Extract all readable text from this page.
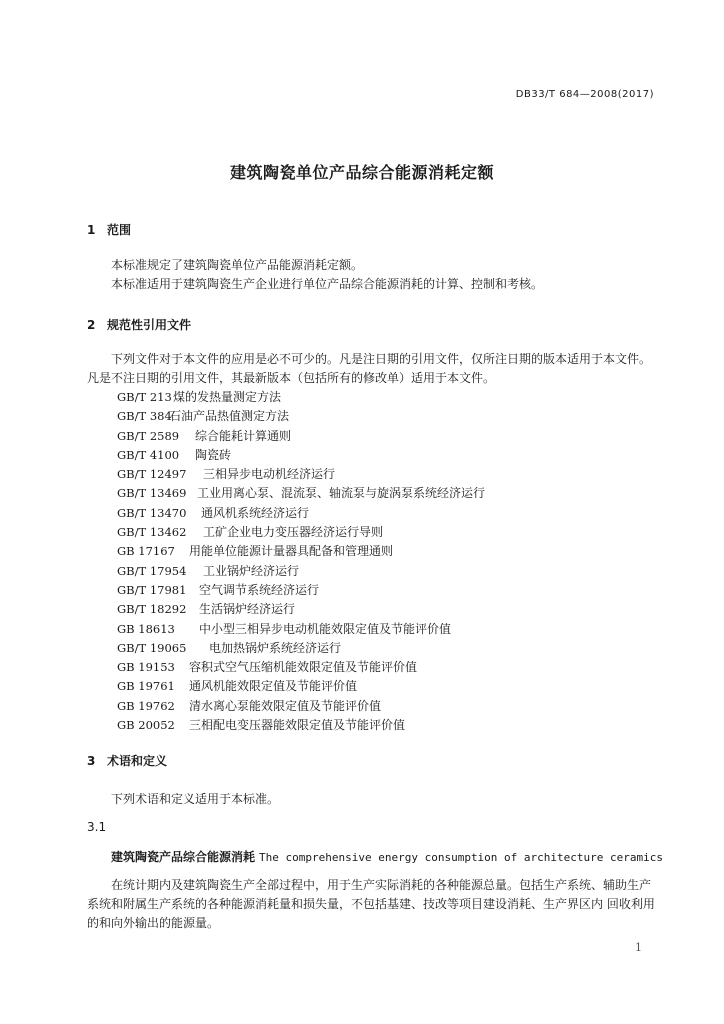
DB33/T 684—2008(2017)
建筑陶瓷单位产品综合能源消耗定额
1 范围
本标准规定了建筑陶瓷单位产品能源消耗定额。
本标准适用于建筑陶瓷生产企业进行单位产品综合能源消耗的计算、控制和考核。
2 规范性引用文件
下列文件对于本文件的应用是必不可少的。凡是注日期的引用文件，仅所注日期的版本适用于本文件。凡是不注日期的引用文件，其最新版本（包括所有的修改单）适用于本文件。
GB/T 213煤的发热量测定方法
GB/T 384石油产品热值测定方法
GB/T 2589 综合能耗计算通则
GB/T 4100 陶瓷砖
GB/T 12497 三相异步电动机经济运行
GB/T 13469 工业用离心泵、混流泵、轴流泵与旋涡泵系统经济运行
GB/T 13470 通风机系统经济运行
GB/T 13462 工矿企业电力变压器经济运行导则
GB 17167 用能单位能源计量器具配备和管理通则
GB/T 17954 工业锅炉经济运行
GB/T 17981 空气调节系统经济运行
GB/T 18292 生活锅炉经济运行
GB 18613 中小型三相异步电动机能效限定值及节能评价值
GB/T 19065 电加热锅炉系统经济运行
GB 19153 容积式空气压缩机能效限定值及节能评价值
GB 19761 通风机能效限定值及节能评价值
GB 19762 清水离心泵能效限定值及节能评价值
GB 20052 三相配电变压器能效限定值及节能评价值
3 术语和定义
下列术语和定义适用于本标准。
3.1
建筑陶瓷产品综合能源消耗 The comprehensive energy consumption of architecture ceramics
在统计期内及建筑陶瓷生产全部过程中，用于生产实际消耗的各种能源总量。包括生产系统、辅助生产系统和附属生产系统的各种能源消耗量和损失量，不包括基建、技改等项目建设消耗、生产界区内 回收利用的和向外输出的能源量。
1
